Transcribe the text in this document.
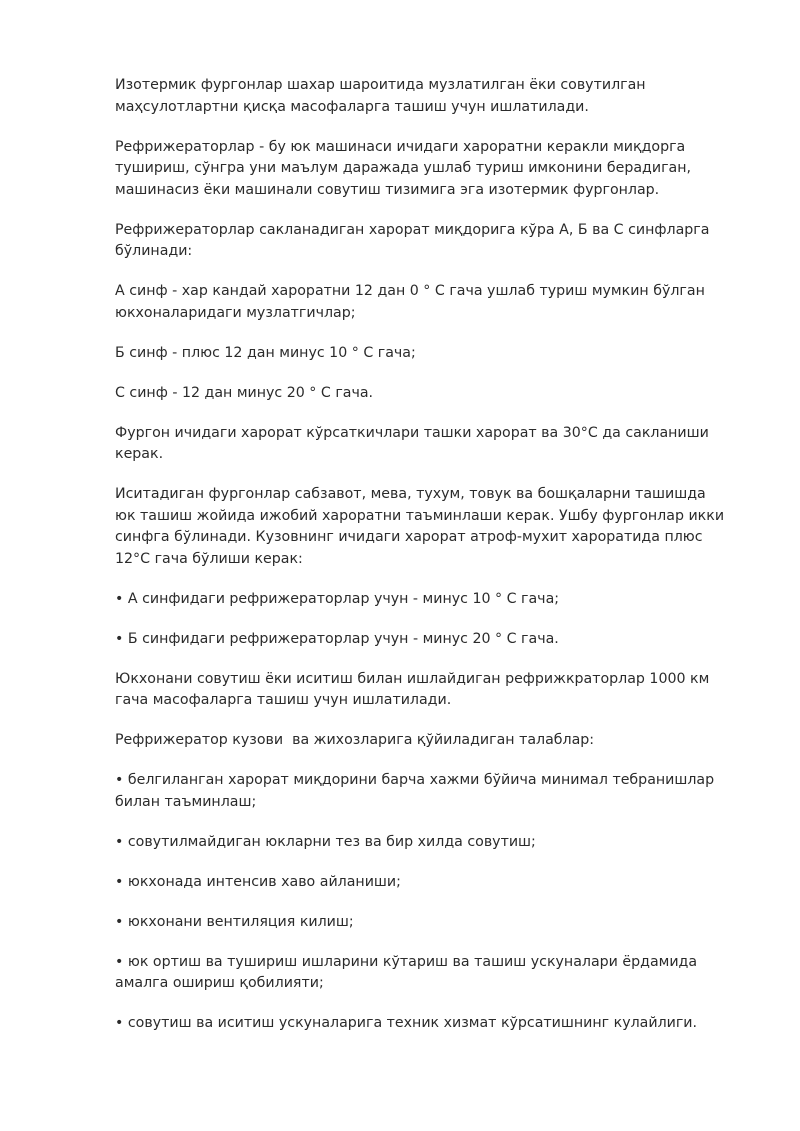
Изотермик фургонлар шахар шароитида музлатилган ёки совутилган маҳсулотлартни қисқа масофаларга ташиш учун ишлатилади.

Рефрижераторлар - бу юк машинаси ичидаги хароратни керакли миқдорга тушириш, сўнгра уни маълум даражада ушлаб туриш имконини берадиган, машинасиз ёки машинали совутиш тизимига эга изотермик фургонлар.

Рефрижераторлар сакланадиган харорат миқдорига кўра А, Б ва С синфларга бўлинади:

А синф - хар кандай хароратни 12 дан 0 ° С гача ушлаб туриш мумкин бўлган юкхоналаридаги музлатгичлар;

Б синф - плюс 12 дан минус 10 ° С гача;

С синф - 12 дан минус 20 ° С гача.

Фургон ичидаги харорат кўрсаткичлари ташки харорат ва 30°С да сакланиши керак.

Иситадиган фургонлар сабзавот, мева, тухум, товук ва бошқаларни ташишда юк ташиш жойида ижобий хароратни таъминлаши керак. Ушбу фургонлар икки синфга бўлинади. Кузовнинг ичидаги харорат атроф-мухит хароратида плюс 12°С гача бўлиши керак:

• А синфидаги рефрижераторлар учун - минус 10 ° С гача;

• Б синфидаги рефрижераторлар учун - минус 20 ° С гача.

Юкхонани совутиш ёки иситиш билан ишлайдиган рефрижкраторлар 1000 км гача масофаларга ташиш учун ишлатилади.

Рефрижератор кузови  ва жихозларига қўйиладиган талаблар:

• белгиланган харорат миқдорини барча хажми бўйича минимал тебранишлар билан таъминлаш;

• совутилмайдиган юкларни тез ва бир хилда совутиш;

• юкхонада интенсив хаво айланиши;

• юкхонани вентиляция килиш;

• юк ортиш ва тушириш ишларини кўтариш ва ташиш ускуналари ёрдамида амалга ошириш қобилияти;

• совутиш ва иситиш ускуналарига техник хизмат кўрсатишнинг кулайлиги.
